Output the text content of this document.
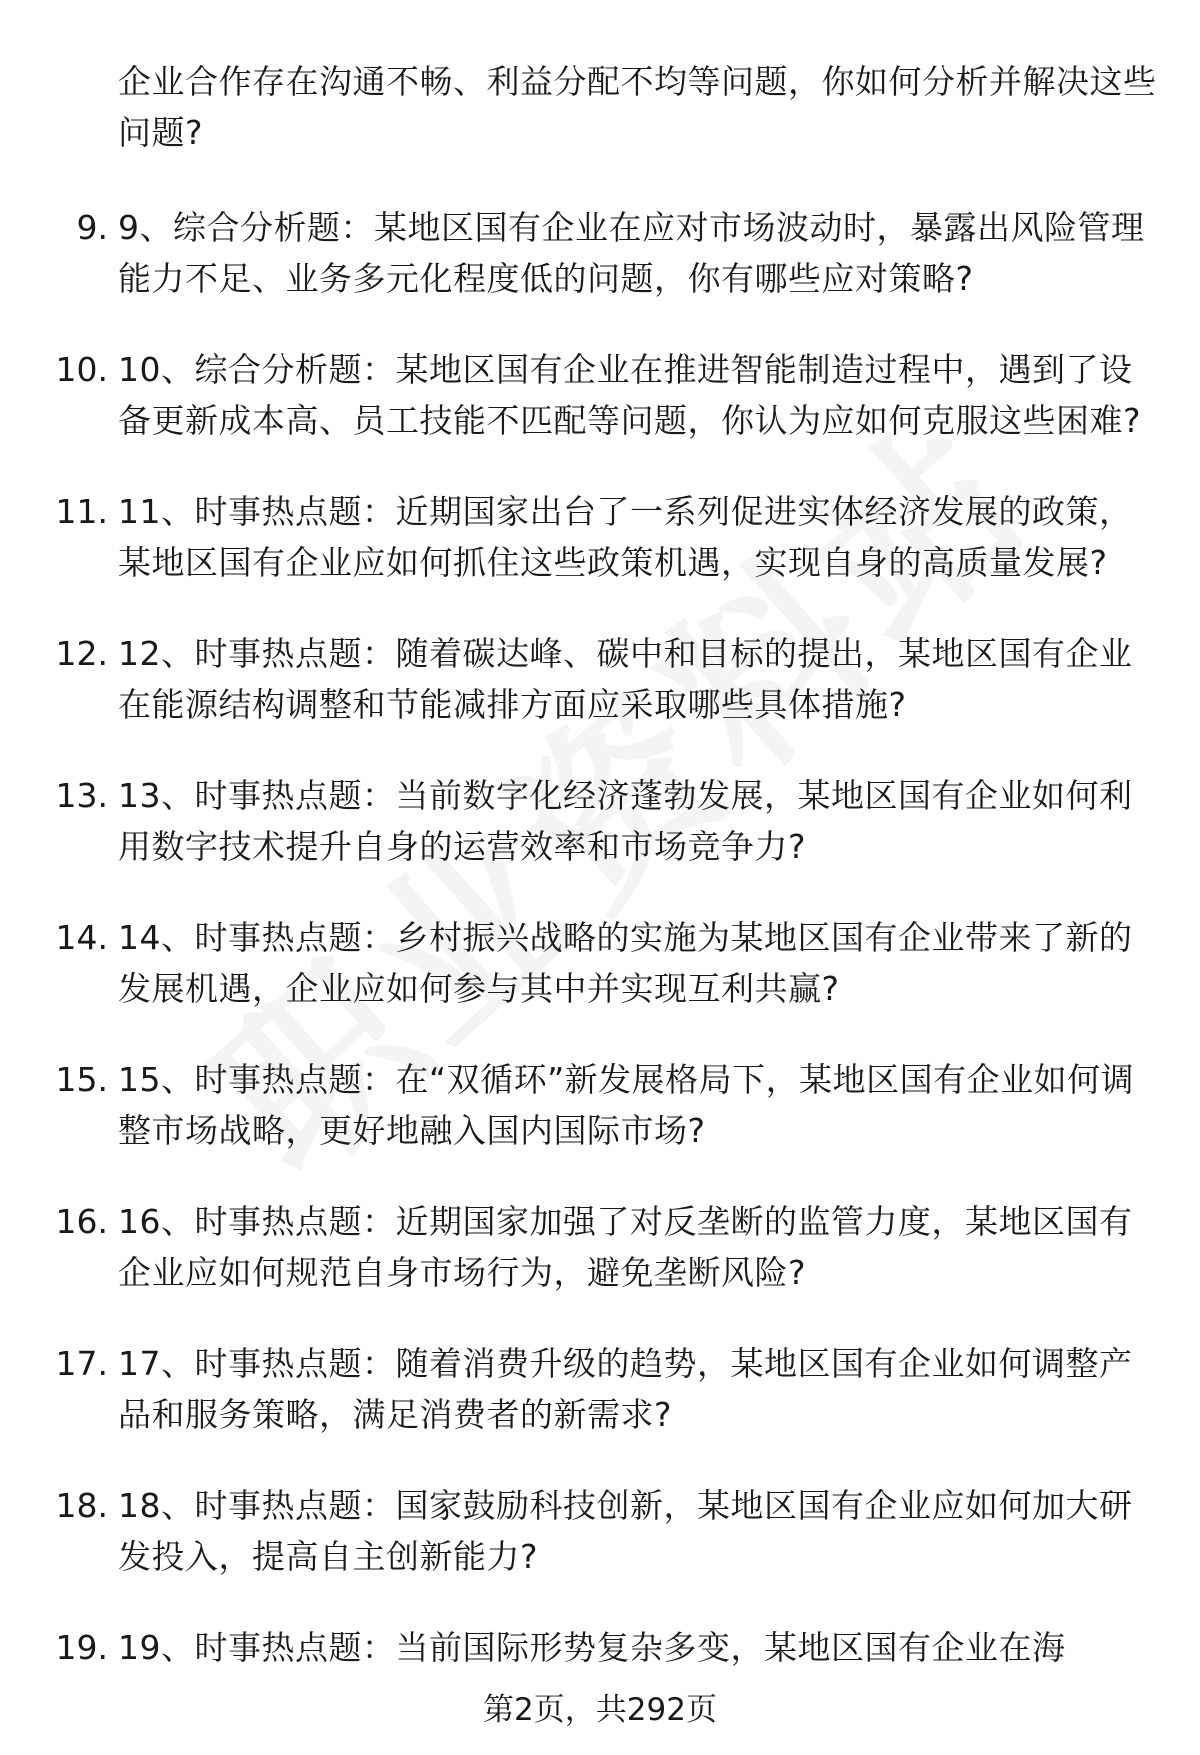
企业合作存在沟通不畅、利益分配不均等问题，你如何分析并解决这些问题?
9. 9、综合分析题：某地区国有企业在应对市场波动时，暴露出风险管理能力不足、业务多元化程度低的问题，你有哪些应对策略?
10. 10、综合分析题：某地区国有企业在推进智能制造过程中，遇到了设备更新成本高、员工技能不匹配等问题，你认为应如何克服这些困难?
11. 11、时事热点题：近期国家出台了一系列促进实体经济发展的政策，某地区国有企业应如何抓住这些政策机遇，实现自身的高质量发展?
12. 12、时事热点题：随着碳达峰、碳中和目标的提出，某地区国有企业在能源结构调整和节能减排方面应采取哪些具体措施?
13. 13、时事热点题：当前数字化经济蓬勃发展，某地区国有企业如何利用数字技术提升自身的运营效率和市场竞争力?
14. 14、时事热点题：乡村振兴战略的实施为某地区国有企业带来了新的发展机遇，企业应如何参与其中并实现互利共赢?
15. 15、时事热点题：在“双循环”新发展格局下，某地区国有企业如何调整市场战略，更好地融入国内国际市场?
16. 16、时事热点题：近期国家加强了对反垄断的监管力度，某地区国有企业应如何规范自身市场行为，避免垄断风险?
17. 17、时事热点题：随着消费升级的趋势，某地区国有企业如何调整产品和服务策略，满足消费者的新需求?
18. 18、时事热点题：国家鼓励科技创新，某地区国有企业应如何加大研发投入，提高自主创新能力?
19. 19、时事热点题：当前国际形势复杂多变，某地区国有企业在海
第2页，共292页
